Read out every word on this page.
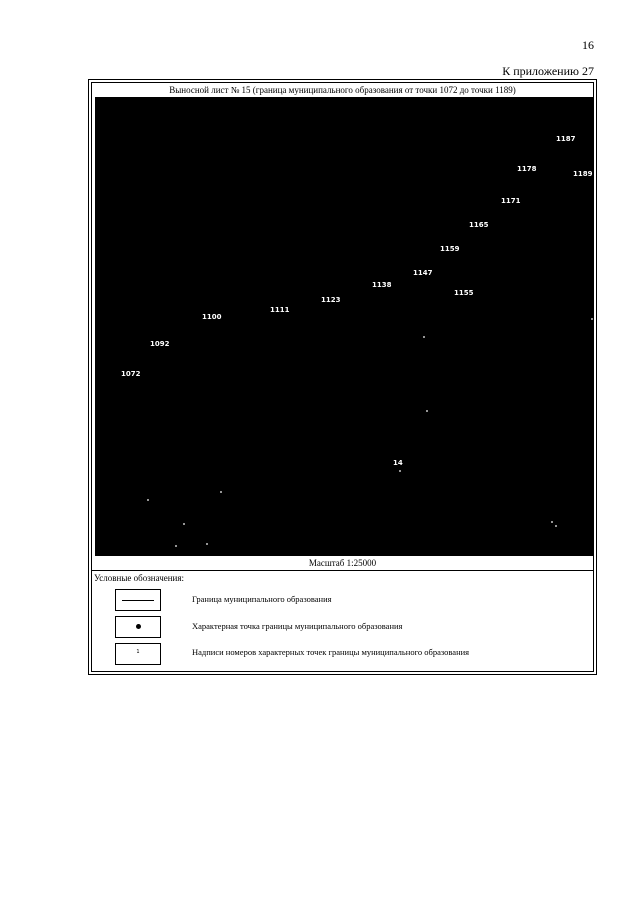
16
К приложению 27
Выносной лист № 15 (граница муниципального образования от точки 1072 до точки 1189)
1072
1092
1100
1111
1123
1138
1147
1155
1159
1165
1171
1178
1187
1189
14
Масштаб 1:25000
Условные обозначения:
Граница муниципального образования
Характерная точка границы муниципального образования
1	Надписи номеров характерных точек границы муниципального образования
